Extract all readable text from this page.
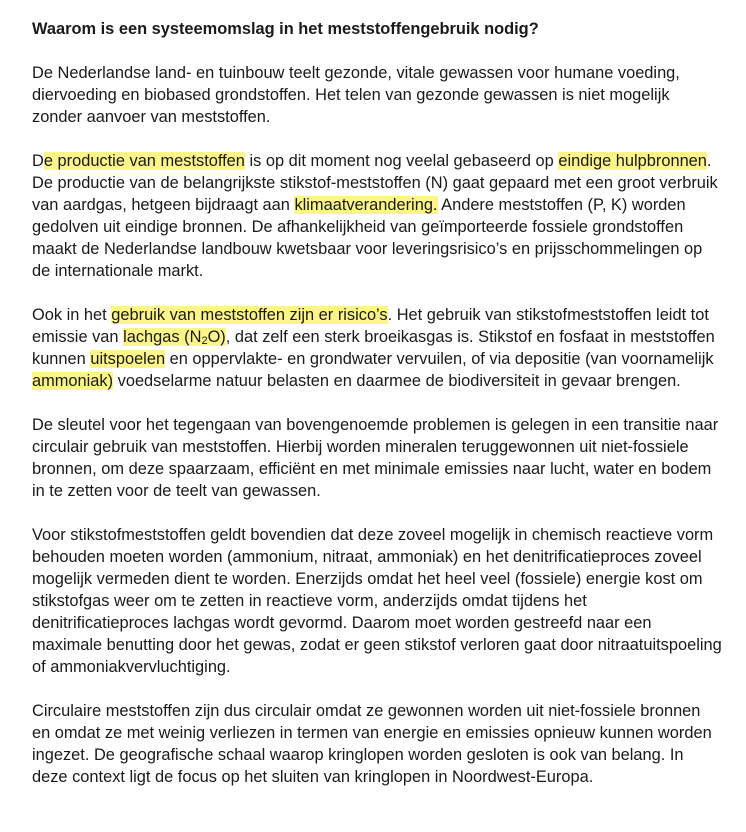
Waarom is een systeemomslag in het meststoffengebruik nodig?

De Nederlandse land- en tuinbouw teelt gezonde, vitale gewassen voor humane voeding, diervoeding en biobased grondstoffen. Het telen van gezonde gewassen is niet mogelijk zonder aanvoer van meststoffen.

De productie van meststoffen is op dit moment nog veelal gebaseerd op eindige hulpbronnen. De productie van de belangrijkste stikstof-meststoffen (N) gaat gepaard met een groot verbruik van aardgas, hetgeen bijdraagt aan klimaatverandering. Andere meststoffen (P, K) worden gedolven uit eindige bronnen. De afhankelijkheid van geïmporteerde fossiele grondstoffen maakt de Nederlandse landbouw kwetsbaar voor leveringsrisico’s en prijsschommelingen op de internationale markt.

Ook in het gebruik van meststoffen zijn er risico’s. Het gebruik van stikstofmeststoffen leidt tot emissie van lachgas $(N_2O)$, dat zelf een sterk broeikasgas is. Stikstof en fosfaat in meststoffen kunnen uitspoelen en oppervlakte- en grondwater vervuilen, of via depositie (van voornamelijk ammoniak) voedselarme natuur belasten en daarmee de biodiversiteit in gevaar brengen.

De sleutel voor het tegengaan van bovengenoemde problemen is gelegen in een transitie naar circulair gebruik van meststoffen. Hierbij worden mineralen teruggewonnen uit niet-fossiele bronnen, om deze spaarzaam, efficiënt en met minimale emissies naar lucht, water en bodem in te zetten voor de teelt van gewassen.

Voor stikstofmeststoffen geldt bovendien dat deze zoveel mogelijk in chemisch reactieve vorm behouden moeten worden (ammonium, nitraat, ammoniak) en het denitrificatieproces zoveel mogelijk vermeden dient te worden. Enerzijds omdat het heel veel (fossiele) energie kost om stikstofgas weer om te zetten in reactieve vorm, anderzijds omdat tijdens het denitrificatieproces lachgas wordt gevormd. Daarom moet worden gestreefd naar een maximale benutting door het gewas, zodat er geen stikstof verloren gaat door nitraatuitspoeling of ammoniakvervluchtiging.

Circulaire meststoffen zijn dus circulair omdat ze gewonnen worden uit niet-fossiele bronnen en omdat ze met weinig verliezen in termen van energie en emissies opnieuw kunnen worden ingezet. De geografische schaal waarop kringlopen worden gesloten is ook van belang. In deze context ligt de focus op het sluiten van kringlopen in Noordwest-Europa.
